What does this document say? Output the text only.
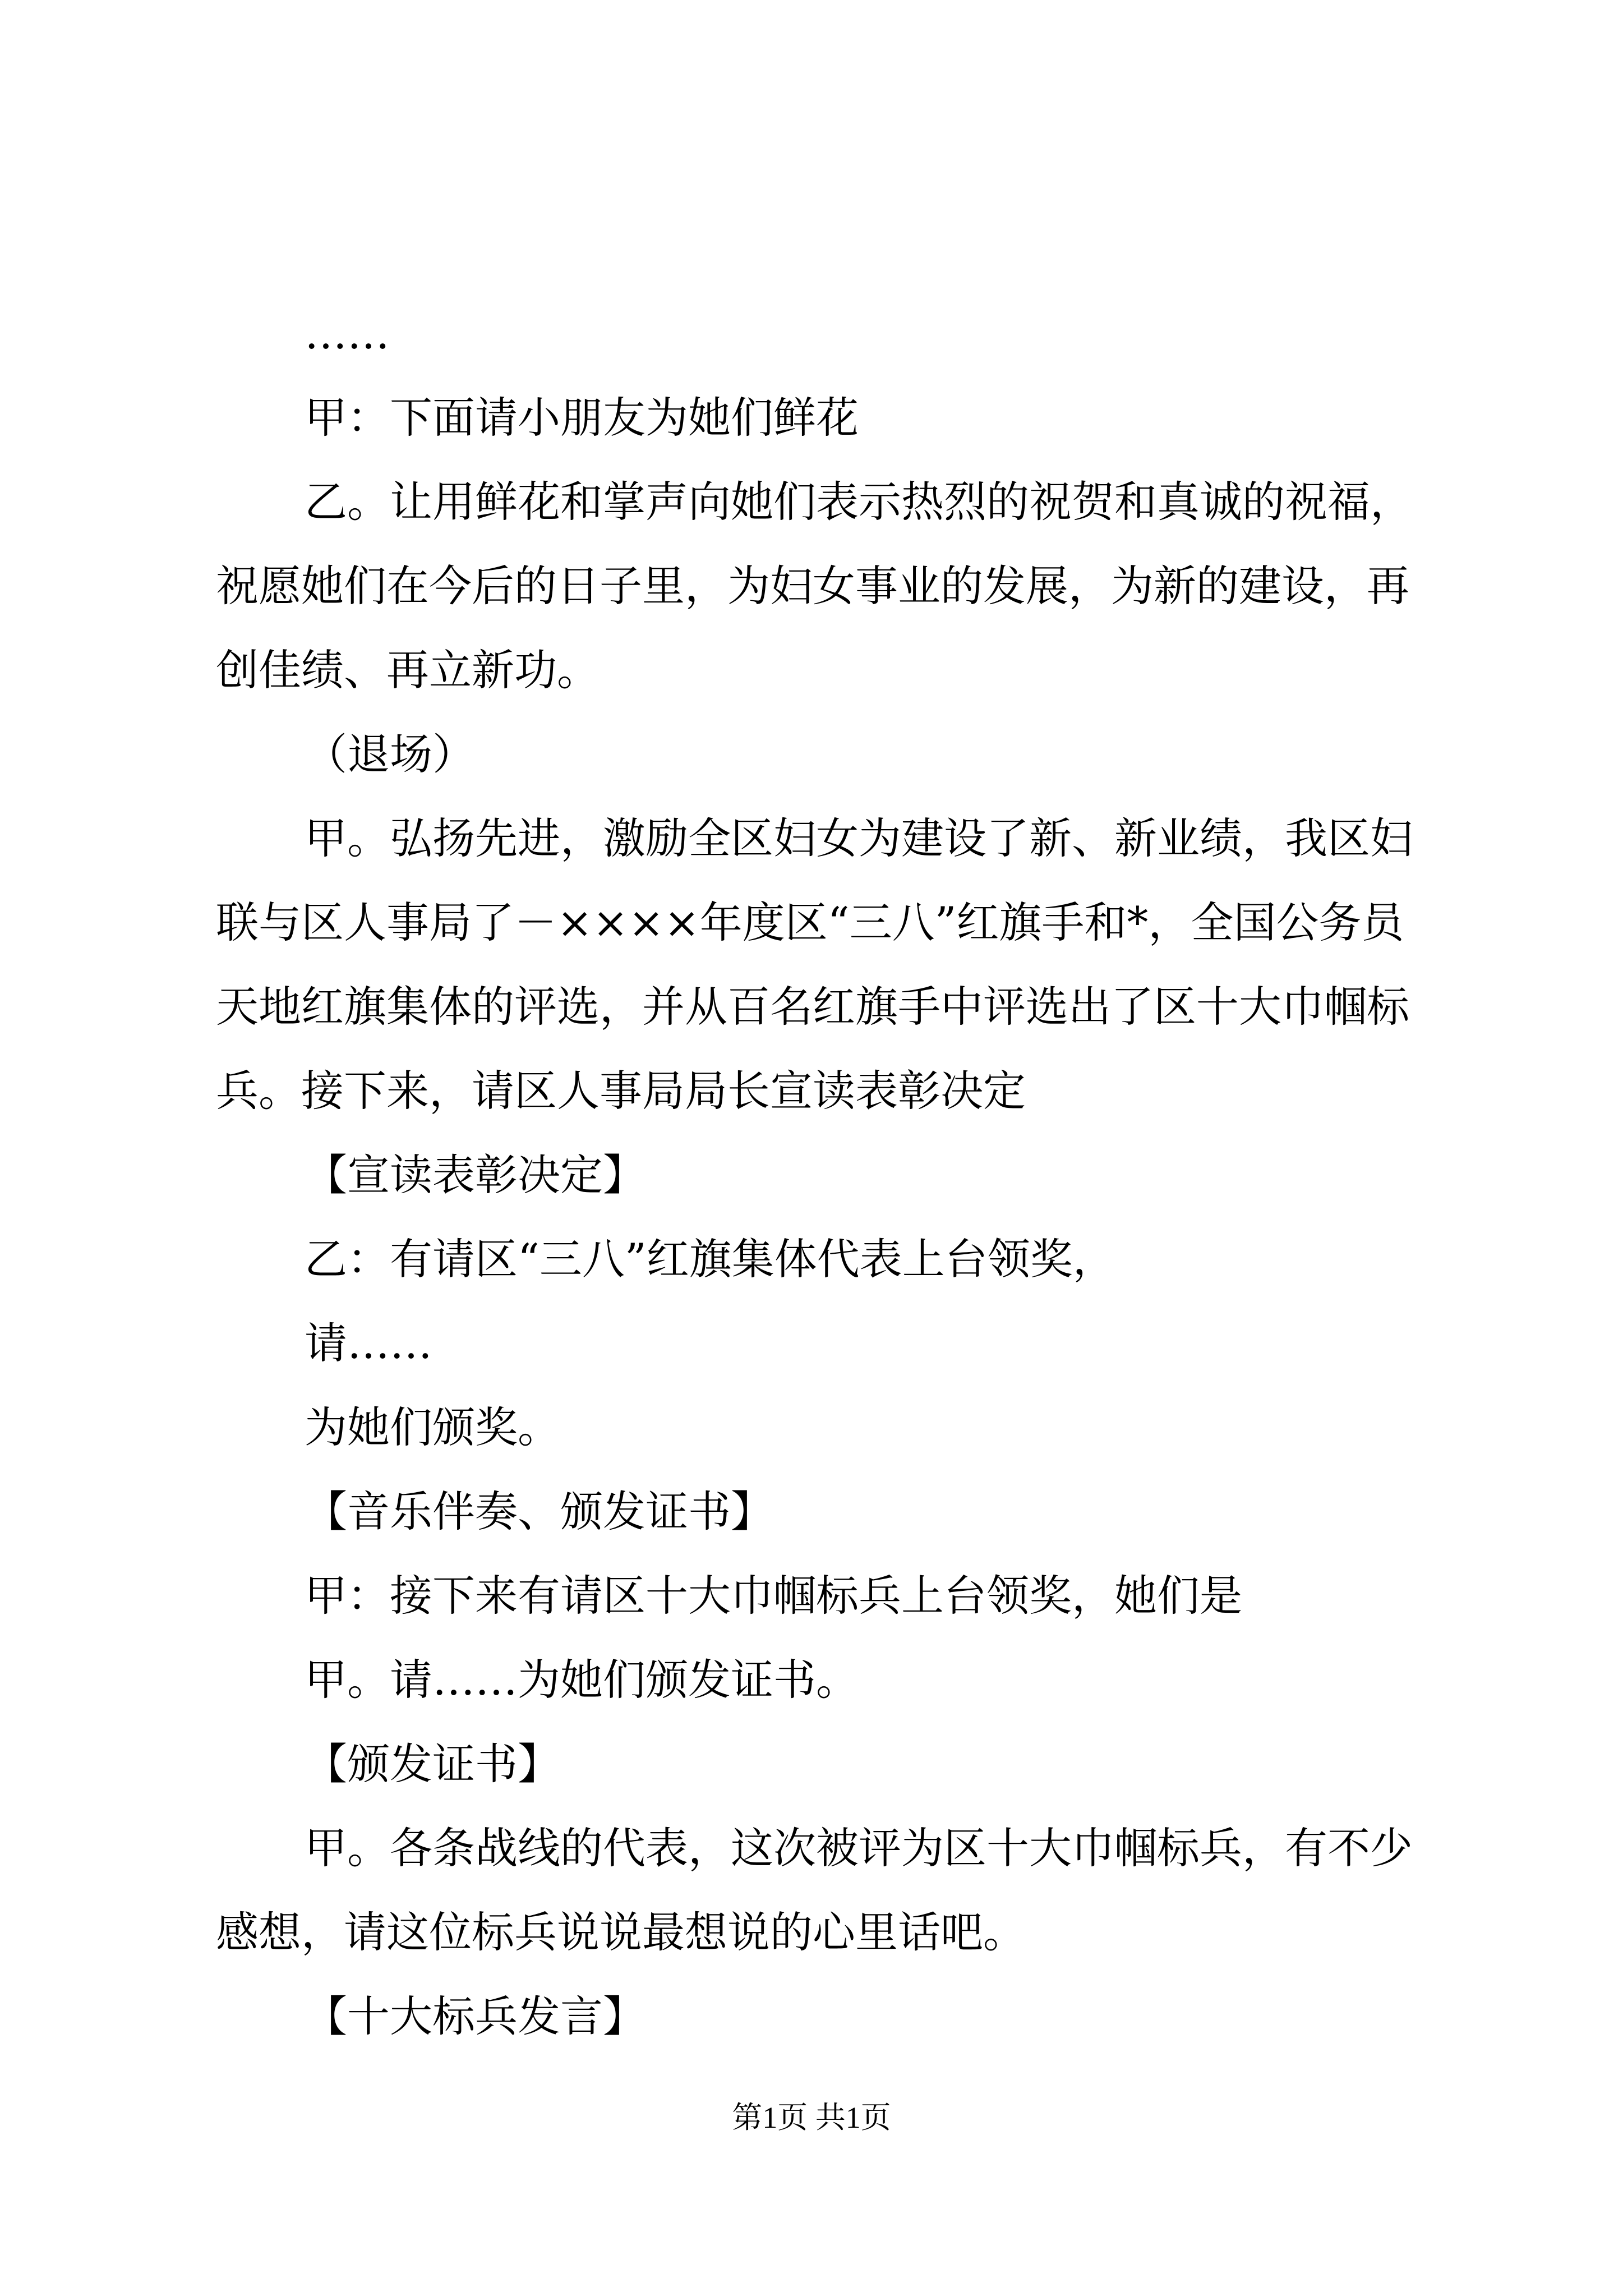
……

甲：下面请小朋友为她们鲜花

乙。让用鲜花和掌声向她们表示热烈的祝贺和真诚的祝福，祝愿她们在今后的日子里，为妇女事业的发展，为新的建设，再创佳绩、再立新功。

（退场）

甲。弘扬先进，激励全区妇女为建设了新、新业绩，我区妇联与区人事局了－××××年度区“三八”红旗手和*，全国公务员天地红旗集体的评选，并从百名红旗手中评选出了区十大巾帼标兵。接下来，请区人事局局长宣读表彰决定

【宣读表彰决定】

乙：有请区“三八”红旗集体代表上台领奖，

请……

为她们颁奖。

【音乐伴奏、颁发证书】

甲：接下来有请区十大巾帼标兵上台领奖，她们是

甲。请……为她们颁发证书。

【颁发证书】

甲。各条战线的代表，这次被评为区十大巾帼标兵，有不少感想，请这位标兵说说最想说的心里话吧。

【十大标兵发言】

第1页 共1页
